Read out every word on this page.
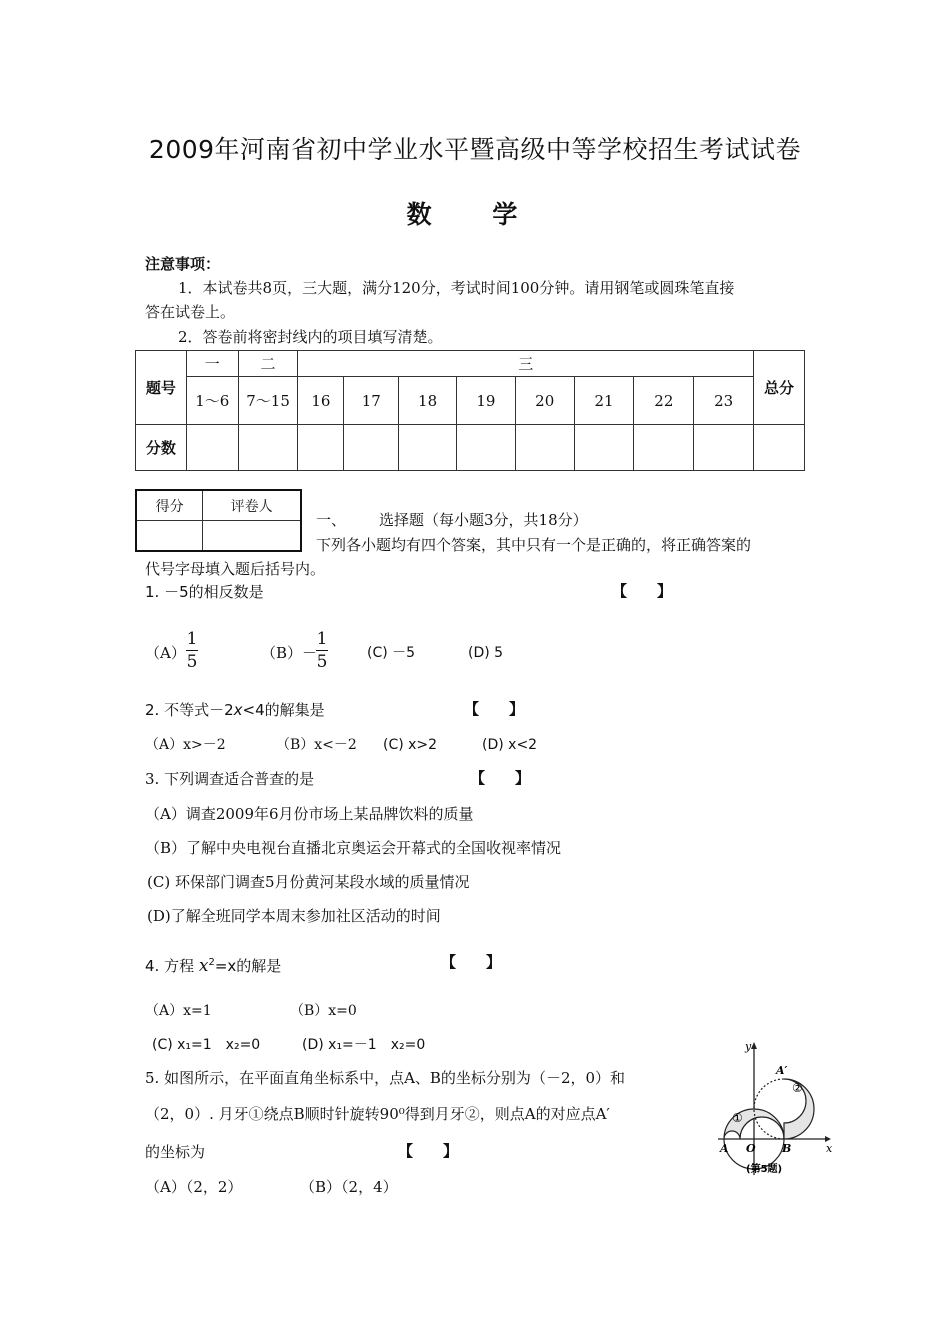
2009年河南省初中学业水平暨高级中等学校招生考试试卷
数 学
注意事项：
1．本试卷共8页，三大题，满分120分，考试时间100分钟。请用钢笔或圆珠笔直接
答在试卷上。
2．答卷前将密封线内的项目填写清楚。
题号	一	二	三								总分
	1～6	7～15	16	17	18	19	20	21	22	23	
分数											
得分	评卷人

一、 选择题（每小题3分，共18分）
下列各小题均有四个答案，其中只有一个是正确的，将正确答案的
代号字母填入题后括号内。
1. －5的相反数是	【　　】
$(A) \frac{1}{5}$	（B）－
$\frac{1}{5}$	(C) －5	(D) 5
2. 不等式－2x<4的解集是	【　　】
（A）x>－2	（B）x<－2 (C) x>2	(D) x<2
3. 下列调查适合普查的是	【　　】
（A）调查2009年6月份市场上某品牌饮料的质量
（B）了解中央电视台直播北京奥运会开幕式的全国收视率情况
(C) 环保部门调查5月份黄河某段水域的质量情况
(D)了解全班同学本周末参加社区活动的时间
4. 方程 $x^2=x$的解是	【　　】
（A）x=1	（B）x=0
(C) x₁=1　x₂=0	(D) x₁=－1　x₂=0
5. 如图所示，在平面直角坐标系中，点A、B的坐标分别为（－2，0）和
（2，0）. 月牙①绕点B顺时针旋转90⁰得到月牙②，则点A的对应点A′
的坐标为	【　　】
（A）（2，2）	（B）（2，4）
y
x
A′
A O B
①
②
(第5题)
